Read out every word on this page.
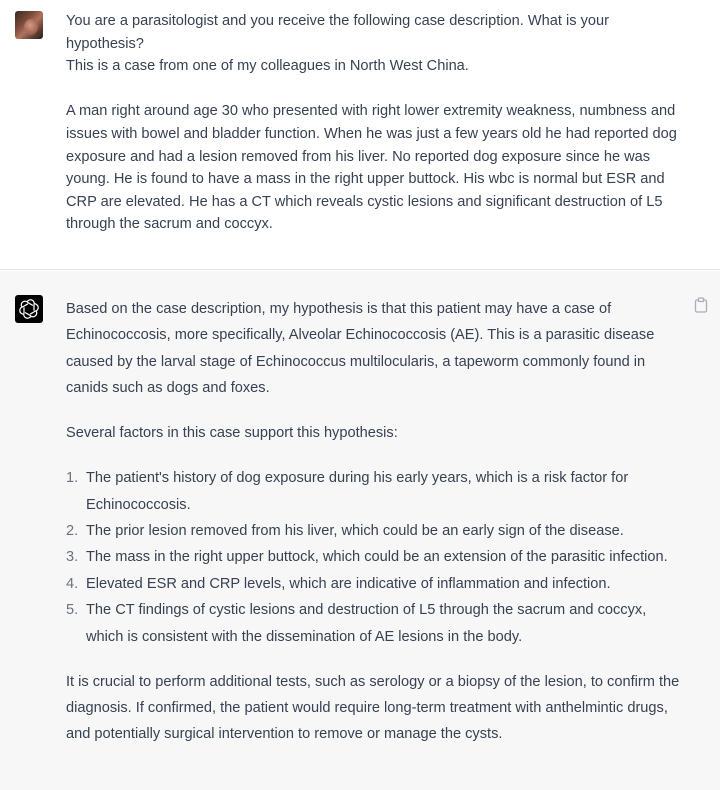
You are a parasitologist and you receive the following case description. What is your hypothesis?

This is a case from one of my colleagues in North West China.

A man right around age 30 who presented with right lower extremity weakness, numbness and issues with bowel and bladder function. When he was just a few years old he had reported dog exposure and had a lesion removed from his liver. No reported dog exposure since he was young. He is found to have a mass in the right upper buttock. His wbc is normal but ESR and CRP are elevated. He has a CT which reveals cystic lesions and significant destruction of L5 through the sacrum and coccyx.

Based on the case description, my hypothesis is that this patient may have a case of Echinococcosis, more specifically, Alveolar Echinococcosis (AE). This is a parasitic disease caused by the larval stage of Echinococcus multilocularis, a tapeworm commonly found in canids such as dogs and foxes.

Several factors in this case support this hypothesis:

1. The patient's history of dog exposure during his early years, which is a risk factor for Echinococcosis.
2. The prior lesion removed from his liver, which could be an early sign of the disease.
3. The mass in the right upper buttock, which could be an extension of the parasitic infection.
4. Elevated ESR and CRP levels, which are indicative of inflammation and infection.
5. The CT findings of cystic lesions and destruction of L5 through the sacrum and coccyx, which is consistent with the dissemination of AE lesions in the body.

It is crucial to perform additional tests, such as serology or a biopsy of the lesion, to confirm the diagnosis. If confirmed, the patient would require long-term treatment with anthelmintic drugs, and potentially surgical intervention to remove or manage the cysts.
